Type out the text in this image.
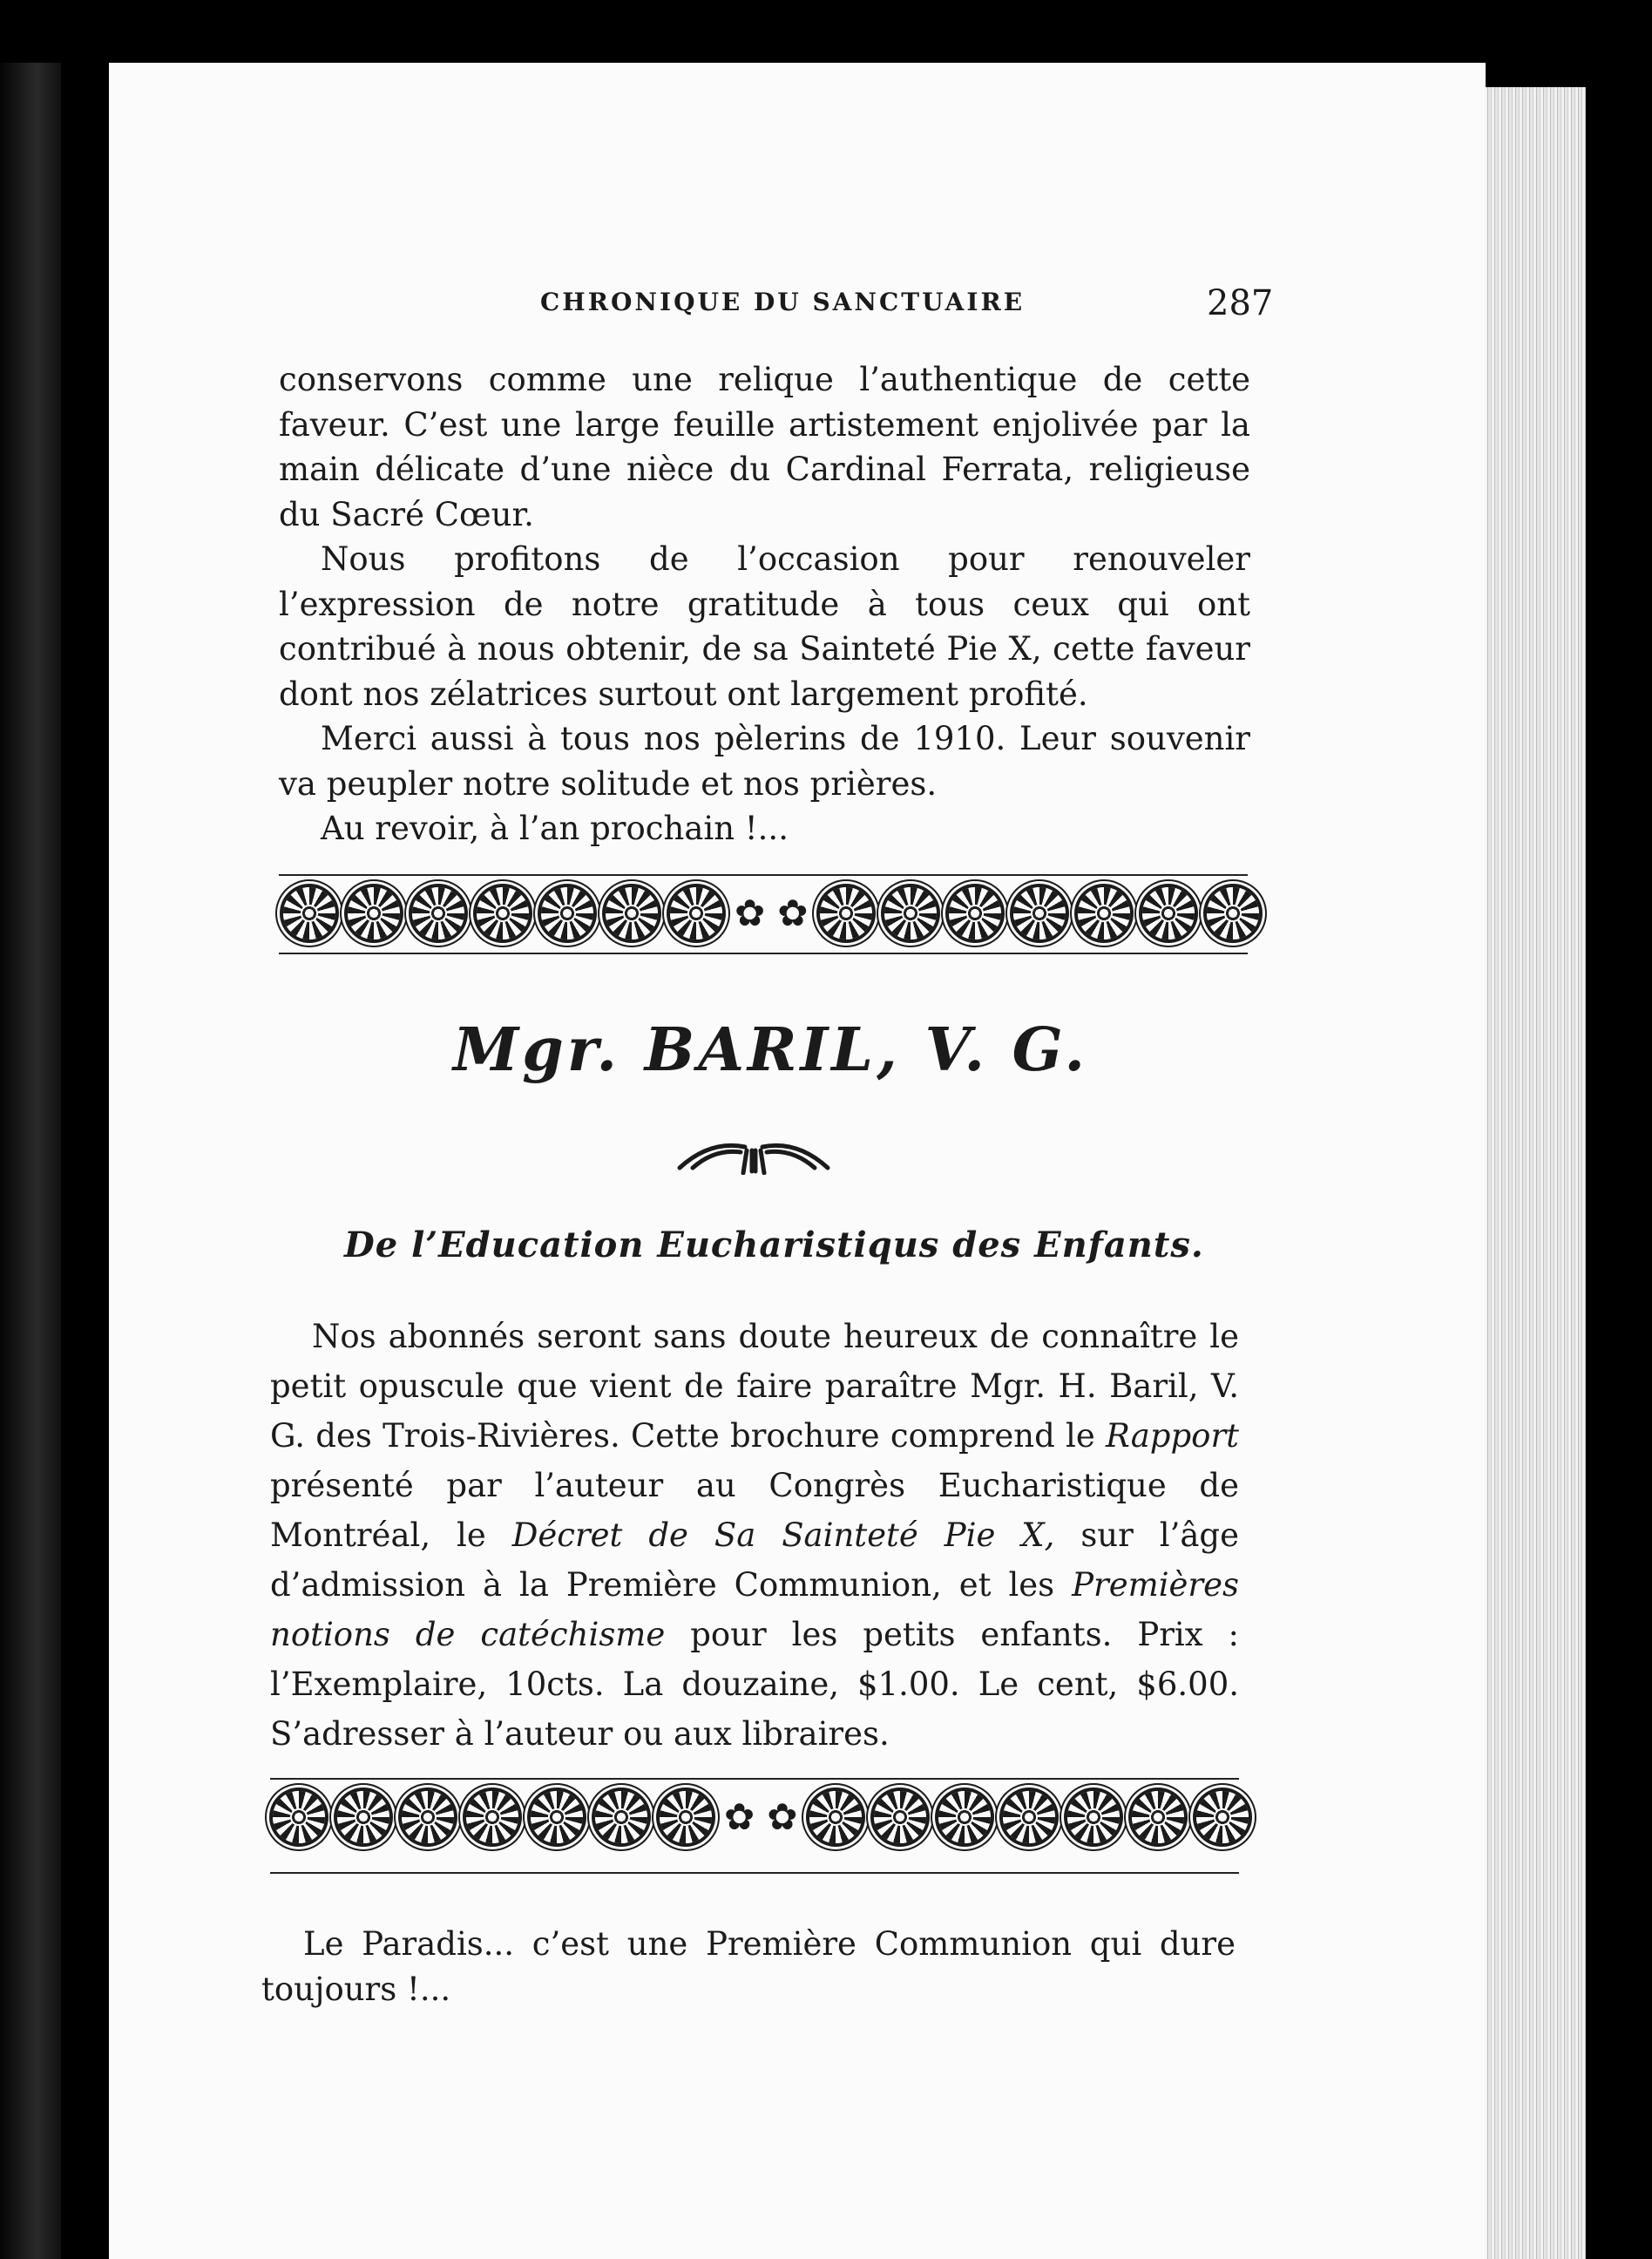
CHRONIQUE DU SANCTUAIRE	287

conservons comme une relique l’authentique de cette faveur. C’est une large feuille artistement enjolivée par la main délicate d’une nièce du Cardinal Ferrata, religieuse du Sacré Cœur.

Nous profitons de l’occasion pour renouveler l’expression de notre gratitude à tous ceux qui ont contribué à nous obtenir, de sa Sainteté Pie X, cette faveur dont nos zélatrices surtout ont largement profité.

Merci aussi à tous nos pèlerins de 1910. Leur souvenir va peupler notre solitude et nos prières.

Au revoir, à l’an prochain !...

✿ ✿
Mgr. BARIL, V. G.
De l’Education Eucharistiqus des Enfants.

Nos abonnés seront sans doute heureux de connaître le petit opuscule que vient de faire paraître Mgr. H. Baril, V. G. des Trois-Rivières. Cette brochure comprend le Rapport présenté par l’auteur au Congrès Eucharistique de Montréal, le Décret de Sa Sainteté Pie X, sur l’âge d’admission à la Première Communion, et les Premières notions de catéchisme pour les petits enfants. Prix : l’Exemplaire, 10cts. La douzaine, $1.00. Le cent, $6.00. S’adresser à l’auteur ou aux libraires.

✿ ✿

Le Paradis... c’est une Première Communion qui dure toujours !...
